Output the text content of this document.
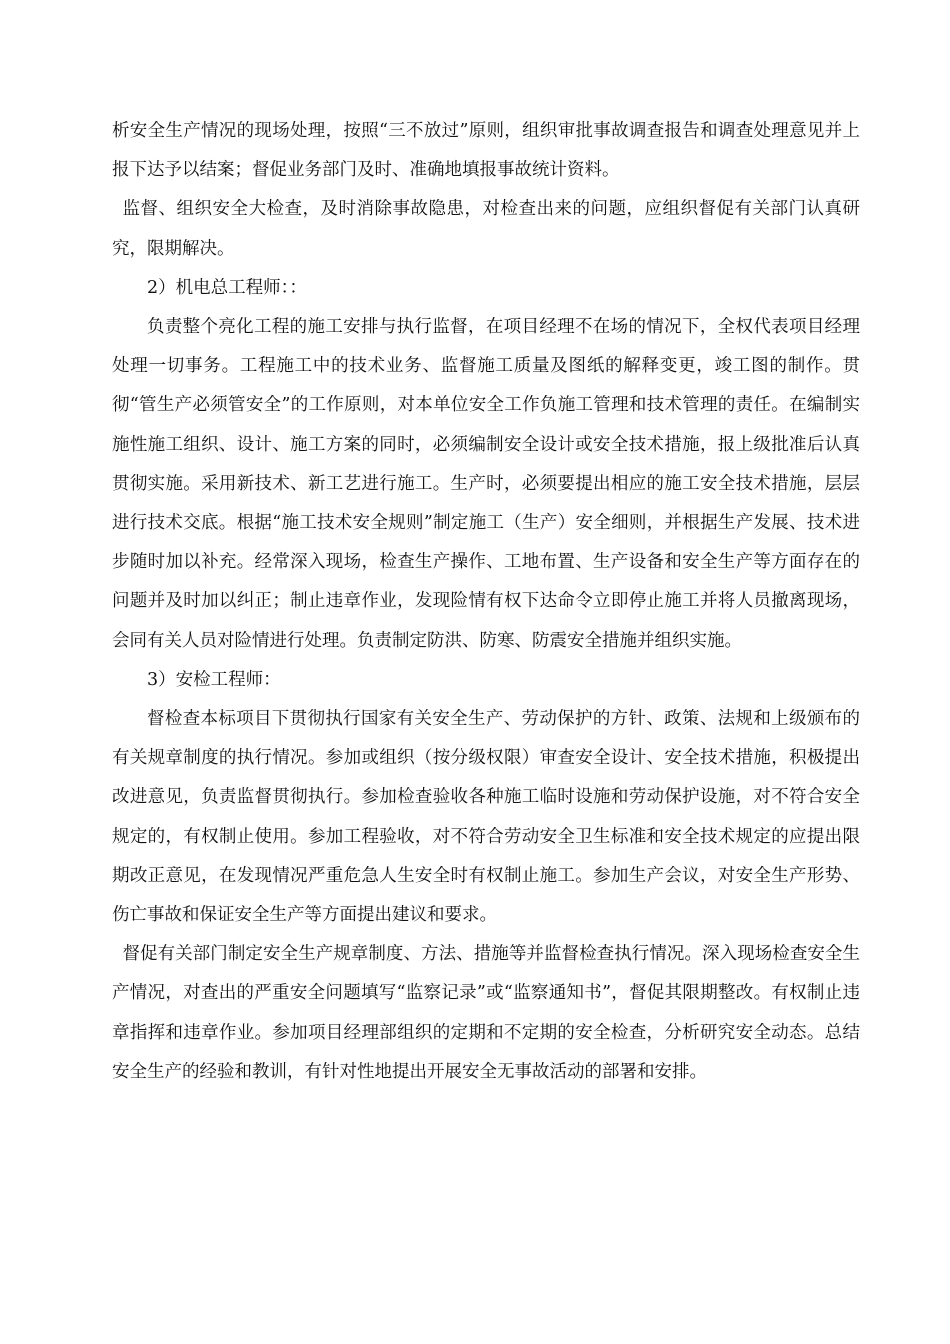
析安全生产情况的现场处理，按照“三不放过”原则，组织审批事故调查报告和调查处理意见并上报下达予以结案；督促业务部门及时、准确地填报事故统计资料。

监督、组织安全大检查，及时消除事故隐患，对检查出来的问题，应组织督促有关部门认真研究，限期解决。

2）机电总工程师：：

负责整个亮化工程的施工安排与执行监督，在项目经理不在场的情况下，全权代表项目经理处理一切事务。工程施工中的技术业务、监督施工质量及图纸的解释变更，竣工图的制作。贯彻“管生产必须管安全”的工作原则，对本单位安全工作负施工管理和技术管理的责任。在编制实施性施工组织、设计、施工方案的同时，必须编制安全设计或安全技术措施，报上级批准后认真贯彻实施。采用新技术、新工艺进行施工。生产时，必须要提出相应的施工安全技术措施，层层进行技术交底。根据“施工技术安全规则”制定施工（生产）安全细则，并根据生产发展、技术进步随时加以补充。经常深入现场，检查生产操作、工地布置、生产设备和安全生产等方面存在的问题并及时加以纠正；制止违章作业，发现险情有权下达命令立即停止施工并将人员撤离现场，会同有关人员对险情进行处理。负责制定防洪、防寒、防震安全措施并组织实施。

3）安检工程师：

督检查本标项目下贯彻执行国家有关安全生产、劳动保护的方针、政策、法规和上级颁布的有关规章制度的执行情况。参加或组织（按分级权限）审查安全设计、安全技术措施，积极提出改进意见，负责监督贯彻执行。参加检查验收各种施工临时设施和劳动保护设施，对不符合安全规定的，有权制止使用。参加工程验收，对不符合劳动安全卫生标准和安全技术规定的应提出限期改正意见，在发现情况严重危急人生安全时有权制止施工。参加生产会议，对安全生产形势、伤亡事故和保证安全生产等方面提出建议和要求。

督促有关部门制定安全生产规章制度、方法、措施等并监督检查执行情况。深入现场检查安全生产情况，对查出的严重安全问题填写“监察记录”或“监察通知书”，督促其限期整改。有权制止违章指挥和违章作业。参加项目经理部组织的定期和不定期的安全检查，分析研究安全动态。总结安全生产的经验和教训，有针对性地提出开展安全无事故活动的部署和安排。
